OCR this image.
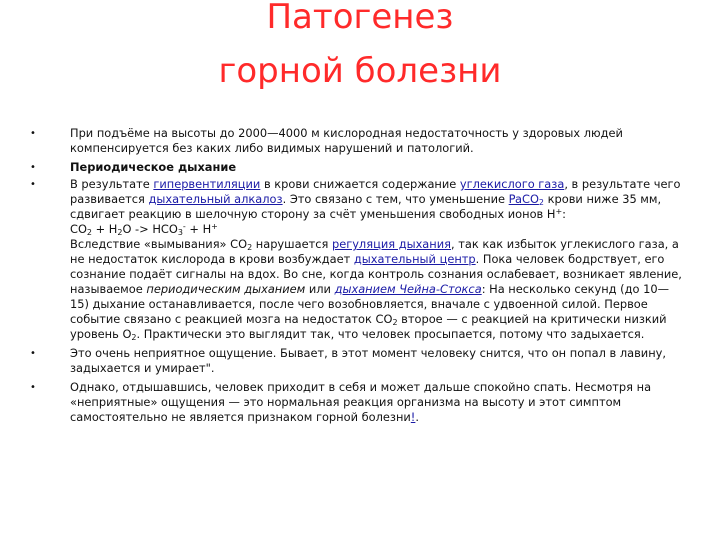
Патогенез
горной болезни
•	При подъёме на высоты до 2000—4000 м кислородная недостаточность у здоровых людей компенсируется без каких либо видимых нарушений и патологий.
•	Периодическое дыхание
•	В результате гипервентиляции в крови снижается содержание углекислого газа, в результате чего развивается дыхательный алкалоз. Это связано с тем, что уменьшение PaCO$_2$ крови ниже 35 мм, сдвигает реакцию в шелочную сторону за счёт уменьшения свободных ионов H+:
$CO_2 + H_2O -> HCO_3^- + H^+$
Вследствие «вымывания» $CO_2$ нарушается регуляция дыхания, так как избыток углекислого газа, а не недостаток кислорода в крови возбуждает дыхательный центр. Пока человек бодрствует, его сознание подаёт сигналы на вдох. Во сне, когда контроль сознания ослабевает, возникает явление, называемое периодическим дыханием или дыханием Чейна-Стокса: На несколько секунд (до 10—15) дыхание останавливается, после чего возобновляется, вначале с удвоенной силой. Первое событие связано с реакцией мозга на недостаток $CO_2$ второе — с реакцией на критически низкий уровень $O_2$. Практически это выглядит так, что человек просыпается, потому что задыхается.
•	Это очень неприятное ощущение. Бывает, в этот момент человеку снится, что он попал в лавину, задыхается и умирает".
•	Однако, отдышавшись, человек приходит в себя и может дальше спокойно спать. Несмотря на «неприятные» ощущения — это нормальная реакция организма на высоту и этот симптом самостоятельно не является признаком горной болезни!.
